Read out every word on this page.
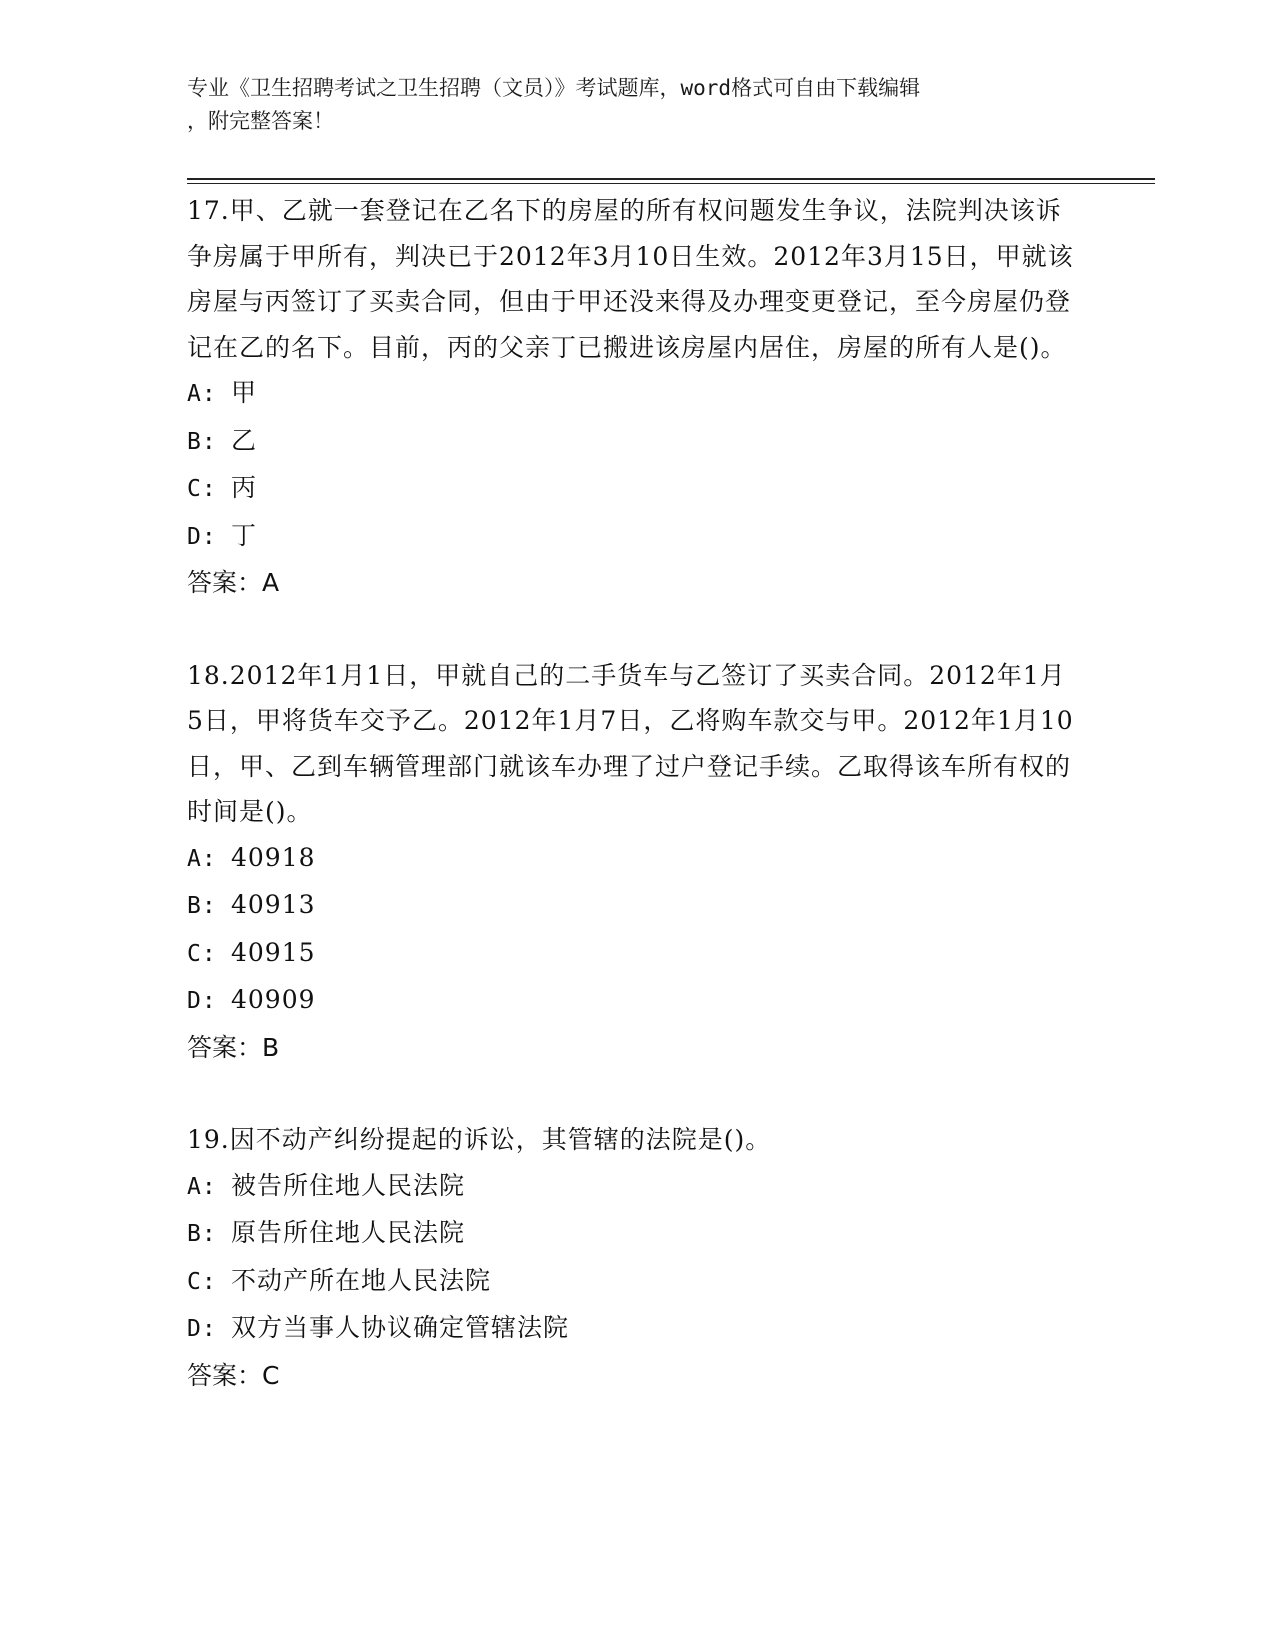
专业《卫生招聘考试之卫生招聘（文员）》考试题库，word格式可自由下载编辑
，附完整答案！

17.甲、乙就一套登记在乙名下的房屋的所有权问题发生争议，法院判决该诉争房属于甲所有，判决已于2012年3月10日生效。2012年3月15日，甲就该房屋与丙签订了买卖合同，但由于甲还没来得及办理变更登记，至今房屋仍登记在乙的名下。目前，丙的父亲丁已搬进该房屋内居住，房屋的所有人是()。

A: 甲

B: 乙

C: 丙

D: 丁

答案：A

18.2012年1月1日，甲就自己的二手货车与乙签订了买卖合同。2012年1月5日，甲将货车交予乙。2012年1月7日，乙将购车款交与甲。2012年1月10日，甲、乙到车辆管理部门就该车办理了过户登记手续。乙取得该车所有权的时间是()。

A: 40918

B: 40913

C: 40915

D: 40909

答案：B

19.因不动产纠纷提起的诉讼，其管辖的法院是()。

A: 被告所住地人民法院

B: 原告所住地人民法院

C: 不动产所在地人民法院

D: 双方当事人协议确定管辖法院

答案：C
